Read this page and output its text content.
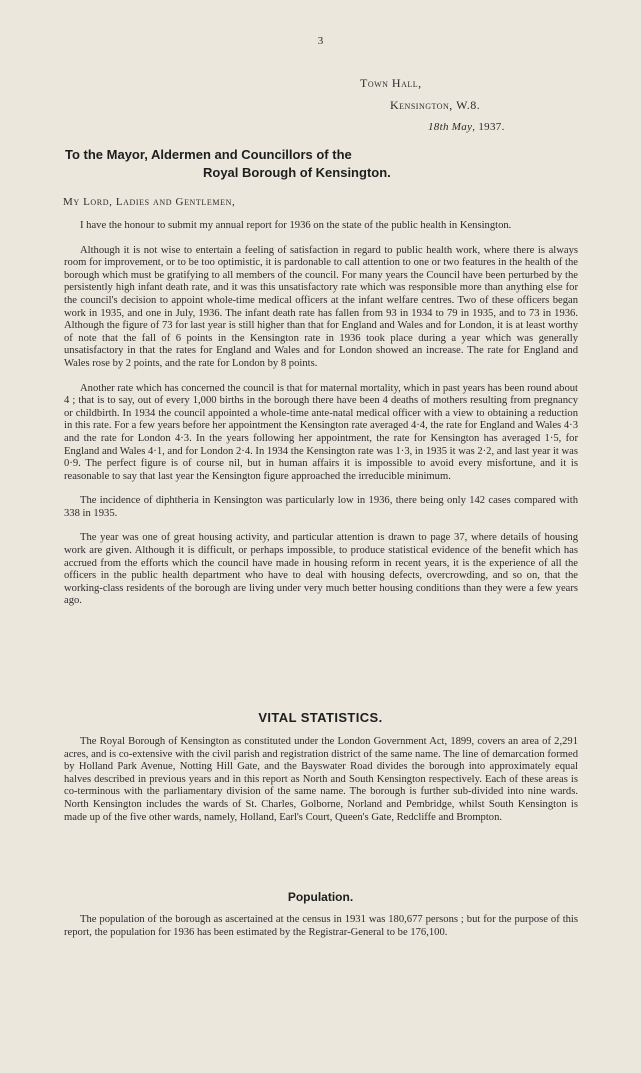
3
Town Hall,
Kensington, W.8.
18th May, 1937.
To the Mayor, Aldermen and Councillors of the
Royal Borough of Kensington.
My Lord, Ladies and Gentlemen,

I have the honour to submit my annual report for 1936 on the state of the public health in Kensington.

Although it is not wise to entertain a feeling of satisfaction in regard to public health work, where there is always room for improvement, or to be too optimistic, it is pardonable to call attention to one or two features in the health of the borough which must be gratifying to all members of the council. For many years the Council have been perturbed by the persistently high infant death rate, and it was this unsatisfactory rate which was responsible more than anything else for the council's decision to appoint whole-time medical officers at the infant welfare centres. Two of these officers began work in 1935, and one in July, 1936. The infant death rate has fallen from 93 in 1934 to 79 in 1935, and to 73 in 1936. Although the figure of 73 for last year is still higher than that for England and Wales and for London, it is at least worthy of note that the fall of 6 points in the Kensington rate in 1936 took place during a year which was generally unsatisfactory in that the rates for England and Wales and for London showed an increase. The rate for England and Wales rose by 2 points, and the rate for London by 8 points.

Another rate which has concerned the council is that for maternal mortality, which in past years has been round about 4 ; that is to say, out of every 1,000 births in the borough there have been 4 deaths of mothers resulting from pregnancy or childbirth. In 1934 the council appointed a whole-time ante-natal medical officer with a view to obtaining a reduction in this rate. For a few years before her appointment the Kensington rate averaged 4·4, the rate for England and Wales 4·3 and the rate for London 4·3. In the years following her appointment, the rate for Kensington has averaged 1·5, for England and Wales 4·1, and for London 2·4. In 1934 the Kensington rate was 1·3, in 1935 it was 2·2, and last year it was 0·9. The perfect figure is of course nil, but in human affairs it is impossible to avoid every misfortune, and it is reasonable to say that last year the Kensington figure approached the irreducible minimum.

The incidence of diphtheria in Kensington was particularly low in 1936, there being only 142 cases compared with 338 in 1935.

The year was one of great housing activity, and particular attention is drawn to page 37, where details of housing work are given. Although it is difficult, or perhaps impossible, to produce statistical evidence of the benefit which has accrued from the efforts which the council have made in housing reform in recent years, it is the experience of all the officers in the public health department who have to deal with housing defects, overcrowding, and so on, that the working-class residents of the borough are living under very much better housing conditions than they were a few years ago.

VITAL STATISTICS.

The Royal Borough of Kensington as constituted under the London Government Act, 1899, covers an area of 2,291 acres, and is co-extensive with the civil parish and registration district of the same name. The line of demarcation formed by Holland Park Avenue, Notting Hill Gate, and the Bayswater Road divides the borough into approximately equal halves described in previous years and in this report as North and South Kensington respectively. Each of these areas is co-terminous with the parliamentary division of the same name. The borough is further sub-divided into nine wards. North Kensington includes the wards of St. Charles, Golborne, Norland and Pembridge, whilst South Kensington is made up of the five other wards, namely, Holland, Earl's Court, Queen's Gate, Redcliffe and Brompton.

Population.

The population of the borough as ascertained at the census in 1931 was 180,677 persons ; but for the purpose of this report, the population for 1936 has been estimated by the Registrar-General to be 176,100.
